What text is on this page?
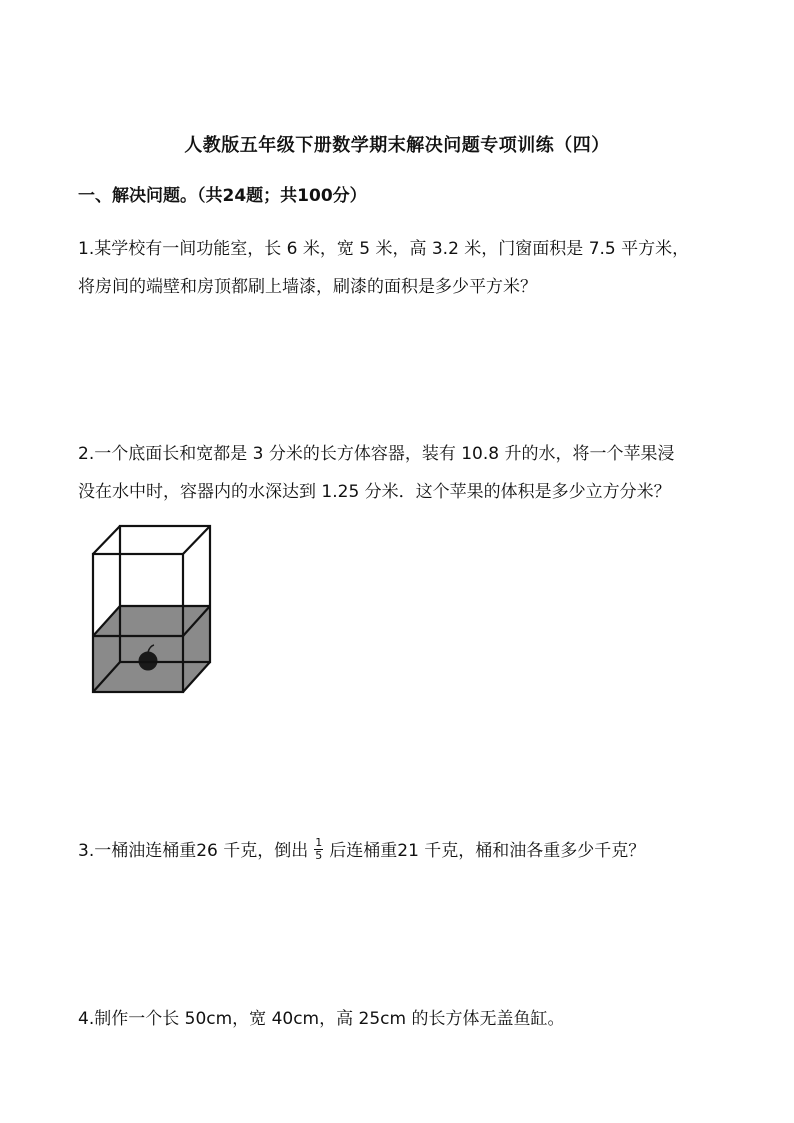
人教版五年级下册数学期末解决问题专项训练（四）
一、解决问题。（共24题；共100分）
1.某学校有一间功能室，长 6 米，宽 5 米，高 3.2 米，门窗面积是 7.5 平方米，
将房间的端壁和房顶都刷上墙漆，刷漆的面积是多少平方米？
2.一个底面长和宽都是 3 分米的长方体容器，装有 10.8 升的水，将一个苹果浸
没在水中时，容器内的水深达到 1.25 分米．这个苹果的体积是多少立方分米？
3.一桶油连桶重26 千克，倒出 $\frac{1}{5}$ 后连桶重21 千克，桶和油各重多少千克？
4.制作一个长 50cm，宽 40cm，高 25cm 的长方体无盖鱼缸。
